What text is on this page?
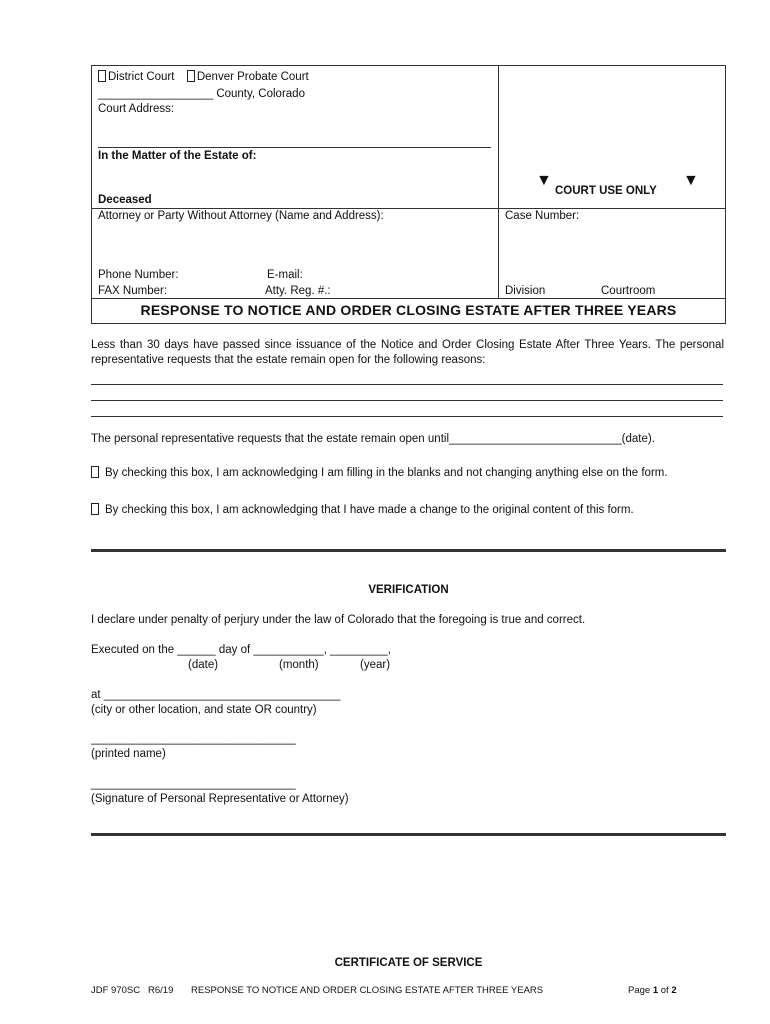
District Court Denver Probate Court
__________________ County, Colorado
Court Address:
In the Matter of the Estate of:
Deceased
▼
COURT USE ONLY
▼
Attorney or Party Without Attorney (Name and Address):
Phone Number:	E-mail:
FAX Number:	Atty. Reg. #.:
Case Number:
Division	Courtroom
RESPONSE TO NOTICE AND ORDER CLOSING ESTATE AFTER THREE YEARS
Less than 30 days have passed since issuance of the Notice and Order Closing Estate After Three Years. The personal representative requests that the estate remain open for the following reasons:
The personal representative requests that the estate remain open until___________________________(date).
By checking this box, I am acknowledging I am filling in the blanks and not changing anything else on the form.
By checking this box, I am acknowledging that I have made a change to the original content of this form.
VERIFICATION
I declare under penalty of perjury under the law of Colorado that the foregoing is true and correct.
Executed on the ______ day of ___________, _________,
(date)	(month)	(year)
at _____________________________________
(city or other location, and state OR country)
________________________________
(printed name)
________________________________
(Signature of Personal Representative or Attorney)
CERTIFICATE OF SERVICE
JDF 970SC   R6/19 RESPONSE TO NOTICE AND ORDER CLOSING ESTATE AFTER THREE YEARS	Page 1 of 2
